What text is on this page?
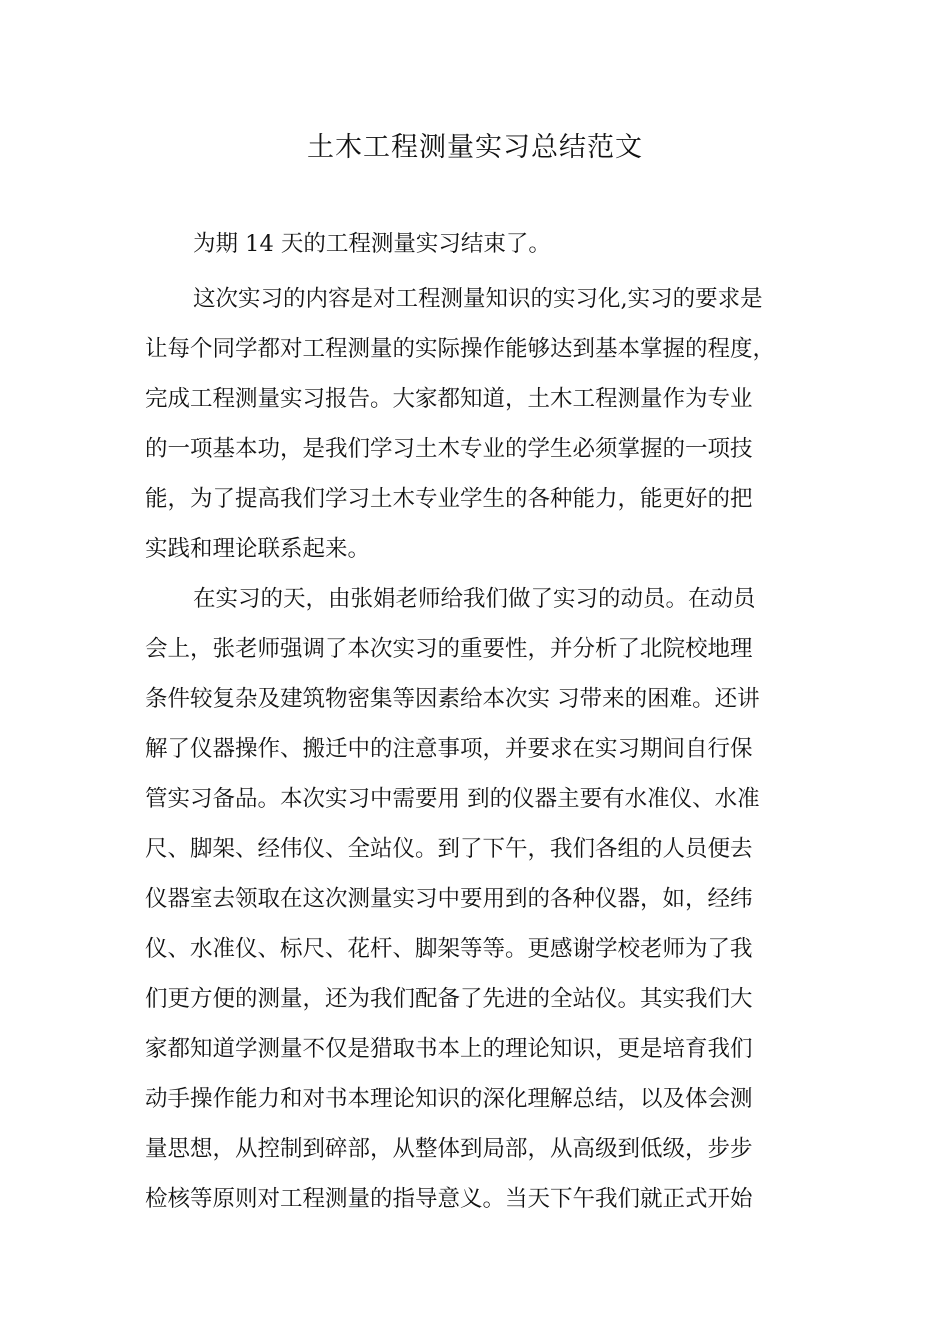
土木工程测量实习总结范文
为期 14 天的工程测量实习结束了。
这次实习的内容是对工程测量知识的实习化,实习的要求是
让每个同学都对工程测量的实际操作能够达到基本掌握的程度，
完成工程测量实习报告。大家都知道，土木工程测量作为专业
的一项基本功，是我们学习土木专业的学生必须掌握的一项技
能，为了提高我们学习土木专业学生的各种能力，能更好的把
实践和理论联系起来。
在实习的天，由张娟老师给我们做了实习的动员。在动员
会上，张老师强调了本次实习的重要性，并分析了北院校地理
条件较复杂及建筑物密集等因素给本次实 习带来的困难。还讲
解了仪器操作、搬迁中的注意事项，并要求在实习期间自行保
管实习备品。本次实习中需要用 到的仪器主要有水准仪、水准
尺、脚架、经伟仪、全站仪。到了下午，我们各组的人员便去
仪器室去领取在这次测量实习中要用到的各种仪器，如，经纬
仪、水准仪、标尺、花杆、脚架等等。更感谢学校老师为了我
们更方便的测量，还为我们配备了先进的全站仪。其实我们大
家都知道学测量不仅是猎取书本上的理论知识，更是培育我们
动手操作能力和对书本理论知识的深化理解总结，以及体会测
量思想，从控制到碎部，从整体到局部，从高级到低级，步步
检核等原则对工程测量的指导意义。当天下午我们就正式开始
